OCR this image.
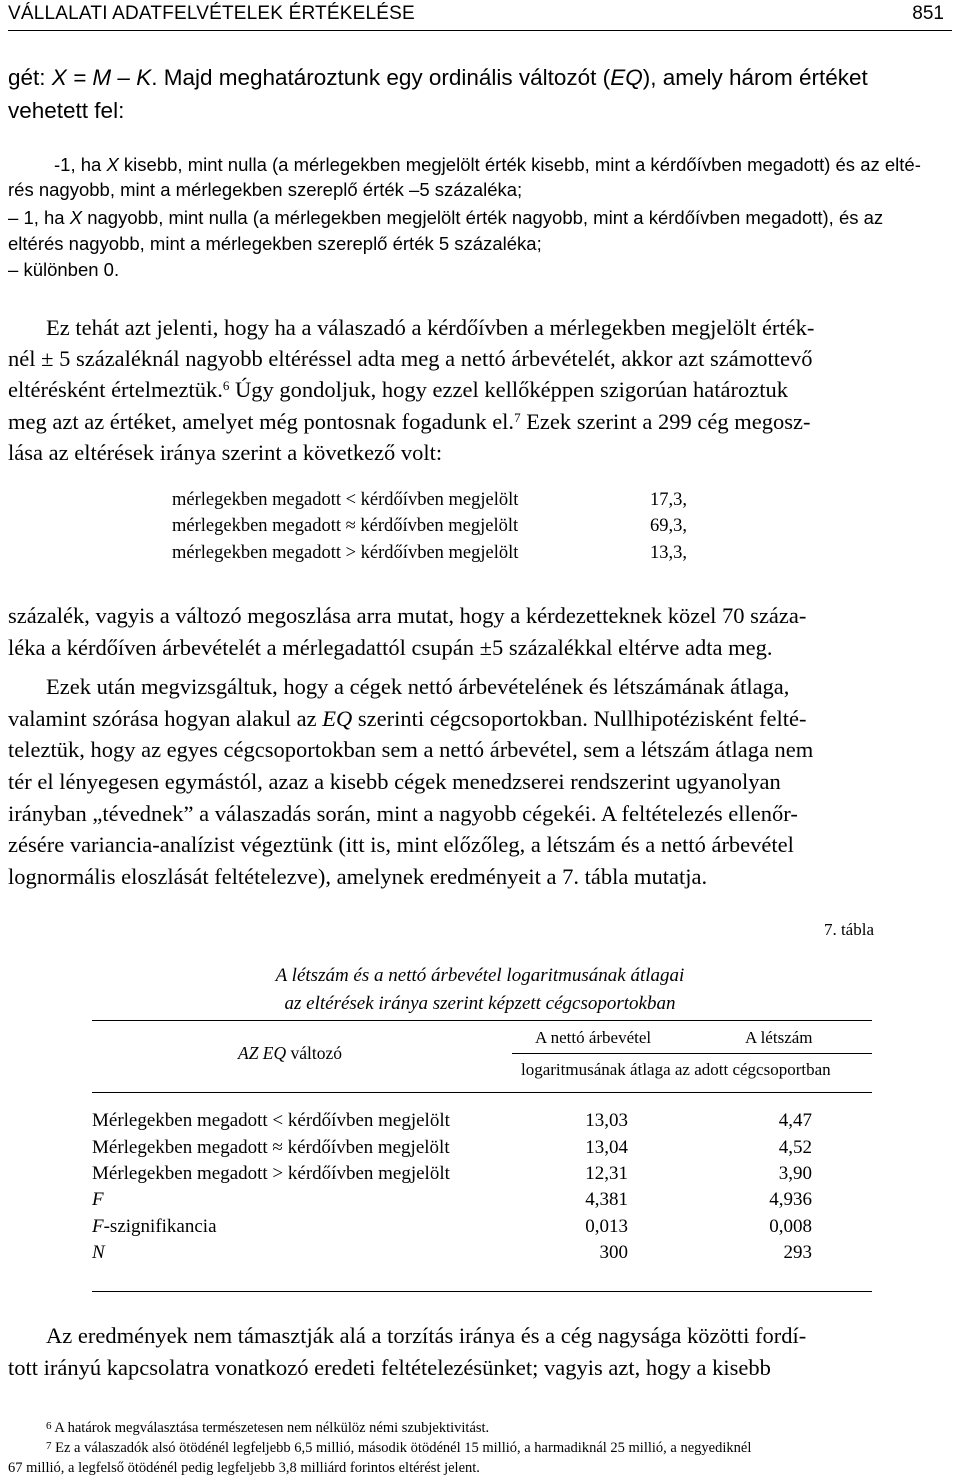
VÁLLALATI ADATFELVÉTELEK ÉRTÉKELÉSE	851
gét: X = M – K. Majd meghatároztunk egy ordinális változót (EQ), amely három értéket
vehetett fel:
-1, ha X kisebb, mint nulla (a mérlegekben megjelölt érték kisebb, mint a kérdőívben megadott) és az elté-
rés nagyobb, mint a mérlegekben szereplő érték –5 százaléka;
– 1, ha X nagyobb, mint nulla (a mérlegekben megjelölt érték nagyobb, mint a kérdőívben megadott), és az
eltérés nagyobb, mint a mérlegekben szereplő érték 5 százaléka;
– különben 0.
Ez tehát azt jelenti, hogy ha a válaszadó a kérdőívben a mérlegekben megjelölt érték-
nél ± 5 százaléknál nagyobb eltéréssel adta meg a nettó árbevételét, akkor azt számottevő
eltérésként értelmeztük.$^6$ Úgy gondoljuk, hogy ezzel kellőképpen szigorúan határoztuk
meg azt az értéket, amelyet még pontosnak fogadunk el.$^7$ Ezek szerint a 299 cég megosz-
lása az eltérések iránya szerint a következő volt:
mérlegekben megadott < kérdőívben megjelölt	17,3,
mérlegekben megadott ≈ kérdőívben megjelölt	69,3,
mérlegekben megadott > kérdőívben megjelölt	13,3,
százalék, vagyis a változó megoszlása arra mutat, hogy a kérdezetteknek közel 70 száza-
léka a kérdőíven árbevételét a mérlegadattól csupán ±5 százalékkal eltérve adta meg.
Ezek után megvizsgáltuk, hogy a cégek nettó árbevételének és létszámának átlaga,
valamint szórása hogyan alakul az EQ szerinti cégcsoportokban. Nullhipotézisként felté-
teleztük, hogy az egyes cégcsoportokban sem a nettó árbevétel, sem a létszám átlaga nem
tér el lényegesen egymástól, azaz a kisebb cégek menedzserei rendszerint ugyanolyan
irányban „tévednek” a válaszadás során, mint a nagyobb cégekéi. A feltételezés ellenőr-
zésére variancia-analízist végeztünk (itt is, mint előzőleg, a létszám és a nettó árbevétel
lognormális eloszlását feltételezve), amelynek eredményeit a 7. tábla mutatja.
7. tábla
A létszám és a nettó árbevétel logaritmusának átlagai
az eltérések iránya szerint képzett cégcsoportokban
AZ EQ változó
A nettó árbevétel	A létszám
logaritmusának átlaga az adott cégcsoportban
Mérlegekben megadott < kérdőívben megjelölt	13,03	4,47
Mérlegekben megadott ≈ kérdőívben megjelölt	13,04	4,52
Mérlegekben megadott > kérdőívben megjelölt	12,31	3,90
F	4,381	4,936
F-szignifikancia	0,013	0,008
N	300	293
Az eredmények nem támasztják alá a torzítás iránya és a cég nagysága közötti fordí-
tott irányú kapcsolatra vonatkozó eredeti feltételezésünket; vagyis azt, hogy a kisebb
$^6$ A határok megválasztása természetesen nem nélkülöz némi szubjektivitást.
$^7$ Ez a válaszadók alsó ötödénél legfeljebb 6,5 millió, második ötödénél 15 millió, a harmadiknál 25 millió, a negyediknél
67 millió, a legfelső ötödénél pedig legfeljebb 3,8 milliárd forintos eltérést jelent.
